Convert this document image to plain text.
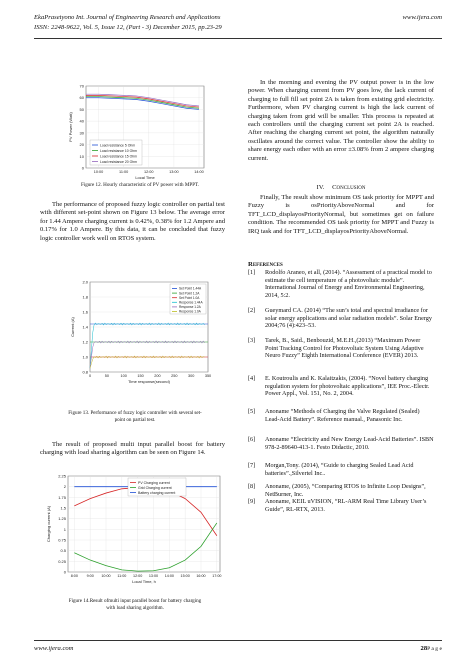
EkaPrasetyono Int. Journal of Engineering Research and Applications	www.ijera.com
ISSN: 2248-9622, Vol. 5, Issue 12, (Part - 3) December 2015, pp.23-29
0
10
20
30
40
50
60
70
10:00	11:00	12:00	13:00	14:00
PV Power (Watt)
Local Time
Load resistance 5 Ohm
Load resistance 10 Ohm
Load resistance 15 Ohm
Load resistance 20 Ohm
Figure 12. Hourly characteristic of PV power with MPPT.
The performance of proposed fuzzy logic controller on partial test with different set-point shown on Figure 13 below. The average error for 1.44 Ampere charging current is 0.42%, 0.38% for 1.2 Ampere and 0.17% for 1.0 Ampere. By this data, it can be concluded that fuzzy logic controller work well on RTOS system.
0.8
1.0
1.2
1.4
1.6
1.8
2.0
0	50	100	150	200	250	300	350
Current (A)
Time response(second)
Set Point 1.44A
Set Point 1.2A
Set Point 1.0A
Response 1.44A
Response 1.2A
Response 1.0A
Figure 13. Performance of fuzzy logic controller with several set-
point on partial test.
The result of proposed multi input parallel boost for battery charging with load sharing algorithm can be seen on Figure 14.
0
0.25
0.5
0.75
1
1.25
1.5
1.75
2
2.25
8:00 9:00 10:00 11:00 12:00 13:00 14:00 15:00 16:00 17:00
Charging current (A)
Local Time, h
PV Charging current
Grid Charging current
Battery charging current
Figure 14.Result ofmulti input parallel boost for battery charging
with load sharing algorithm.
In the morning and evening the PV output power is in the low power. When charging current from PV goes low, the lack current of charging to full fill set point 2A is taken from existing grid electricity. Furthermore, when PV charging current is high the lack current of charging taken from grid will be smaller. This process is repeated at each controllers until the charging current set point 2A is reached. After reaching the charging current set point, the algorithm naturally oscillates around the correct value. The controller show the ability to share energy each other with an error ±3.08% from 2 ampere charging current.
IV. Conclusion
Finally, The result show minimum OS task priority for MPPT and Fuzzy is osPriorityAboveNormal and for TFT_LCD_displayosPriorityNormal, but sometimes get on failure condition. The recommended OS task priority for MPPT and Fuzzy is IRQ task and for TFT_LCD_displayosPriorityAboveNormal.
References
[1] Rodolfo Araneo, et all, (2014). “Assessment of a practical model to estimate the cell temperature of a photovoltaic module”. International Journal of Energy and Environmental Engineering, 2014, 5:2.
[2] Gueymard CA. (2014) “The sun’s total and spectral irradiance for solar energy applications and solar radiation models”. Solar Energy 2004;76 (4):423–53.
[3] Tarek, B., Said., Benbouzid, M.E.H.,(2013) “Maximum Power Point Tracking Control for Photovoltaic System Using Adaptive Neuro Fuzzy” Eighth International Conference (EVER) 2013.
[4] E. Koutroulis and K. Kalaitzakis, (2004). “Novel battery charging regulation system for photovoltaic applications”, IEE Proc.-Electr. Power Appl., Vol. 151, No. 2, 2004.
[5] Anoname “Methods of Charging the Valve Regulated (Sealed) Lead-Acid Battery”. Reference manual., Panasonic Inc.
[6] Anoname “Electricity and New Energy Lead-Acid Batteries”. ISBN 978-2-89640-413-1. Festo Didactic, 2010.
[7] Morgan,Tony. (2014), “Guide to charging Sealed Lead Acid batteries”.,Silvertel Inc..
[8] Anoname, (2005), “Comparing RTOS to Infinite Loop Designs”, NetBurner, Inc.
[9] Anoname, KEIL uVISION, “RL-ARM Real Time Library User’s Guide”, RL-RTX, 2013.
www.ijera.com	28P a g e
